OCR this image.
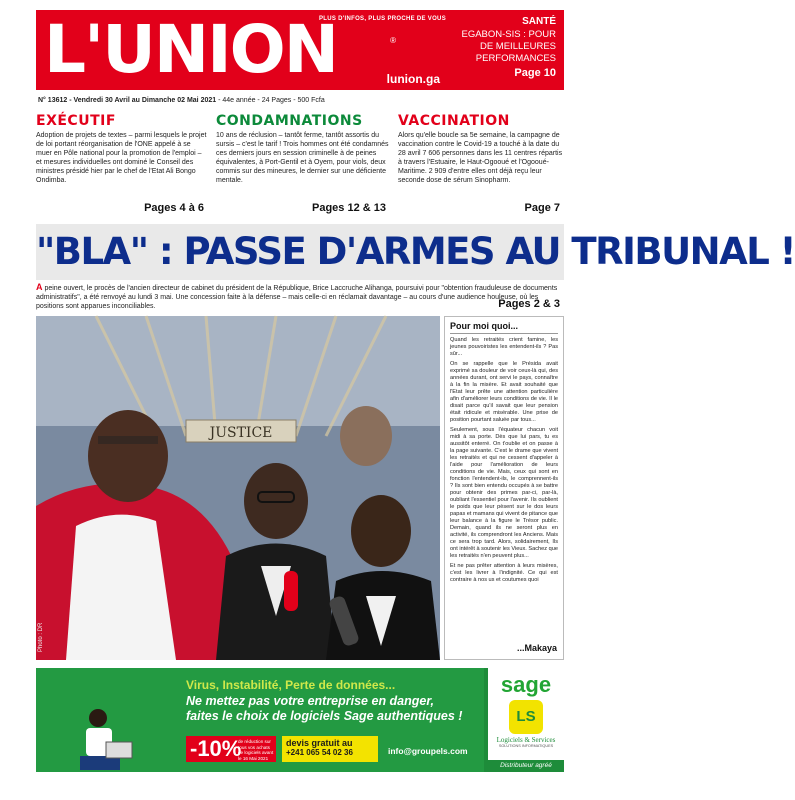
L'UNION	®
PLUS D'INFOS, PLUS PROCHE DE VOUS
lunion.ga
SANTÉ
EGABON-SIS : POUR DE MEILLEURES PERFORMANCES
Page 10
N° 13612 - Vendredi 30 Avril au Dimanche 02 Mai 2021 - 44e année - 24 Pages - 500 Fcfa
EXÉCUTIF

Adoption de projets de textes – parmi lesquels le projet de loi portant réorganisation de l'ONE appelé à se muer en Pôle national pour la promotion de l'emploi – et mesures individuelles ont dominé le Conseil des ministres présidé hier par le chef de l'Etat Ali Bongo Ondimba.

Pages 4 à 6
CONDAMNATIONS

10 ans de réclusion – tantôt ferme, tantôt assortis du sursis – c'est le tarif ! Trois hommes ont été condamnés ces derniers jours en session criminelle à de peines équivalentes, à Port-Gentil et à Oyem, pour viols, deux commis sur des mineures, le dernier sur une déficiente mentale.

Pages 12 & 13
VACCINATION

Alors qu'elle boucle sa 5e semaine, la campagne de vaccination contre le Covid-19 a touché à la date du 28 avril 7 606 personnes dans les 11 centres répartis à travers l'Estuaire, le Haut-Ogooué et l'Ogooué-Maritime. 2 909 d'entre elles ont déjà reçu leur seconde dose de sérum Sinopharm.

Page 7
"BLA" : PASSE D'ARMES AU TRIBUNAL !
A peine ouvert, le procès de l'ancien directeur de cabinet du président de la République, Brice Laccruche Alihanga, poursuivi pour "obtention frauduleuse de documents administratifs", a été renvoyé au lundi 3 mai. Une concession faite à la défense – mais celle-ci en réclamait davantage – au cours d'une audience houleuse, où les positions sont apparues inconciliables.	Pages 2 & 3
JUSTICE
Photo : DR
Pour moi quoi...

Quand les retraités crient famine, les jeunes pouvoiristes les entendent-ils ? Pas sûr...

On se rappelle que le Présida avait exprimé sa douleur de voir ceux-là qui, des années durant, ont servi le pays, connaître à la fin la misère. Et avait souhaité que l'Etat leur prête une attention particulière afin d'améliorer leurs conditions de vie. Il le disait parce qu'il savait que leur pension était ridicule et misérable. Une prise de position pourtant saluée par tous...

Seulement, sous l'équateur chacun voit midi à sa porte. Dès que lui pars, tu es aussitôt enterré. On t'oublie et on passe à la page suivante. C'est le drame que vivent les retraités et qui ne cessent d'appeler à l'aide pour l'amélioration de leurs conditions de vie. Mais, ceux qui sont en fonction l'entendent-ils, le comprennent-ils ? Ils sont bien entendu occupés à se battre pour obtenir des primes par-ci, par-là, oubliant l'essentiel pour l'avenir. Ils oublient le poids que leur pèsent sur le dos leurs papas et mamans qui vivent de pitance que leur balance à la figure le Trésor public. Demain, quand ils ne seront plus en activité, ils comprendront les Anciens. Mais ce sera trop tard. Alors, solidairement, Ils ont intérêt à soutenir les Vieux. Sachez que les retraités n'en peuvent plus...

Et ne pas prêter attention à leurs misères, c'est les livrer à l'indignité. Ce qui est contraire à nos us et coutumes quoi

...Makaya
Virus, Instabilité, Perte de données...
Ne mettez pas votre entreprise en danger,
faites le choix de logiciels Sage authentiques !
-10%
de réduction sur tous vos achats de logiciels avant le 16 Mai 2021
devis gratuit au
+241 065 54 02 36	info@groupels.com
sage
LS
Logiciels & Services
SOLUTIONS INFORMATIQUES
Distributeur agréé
